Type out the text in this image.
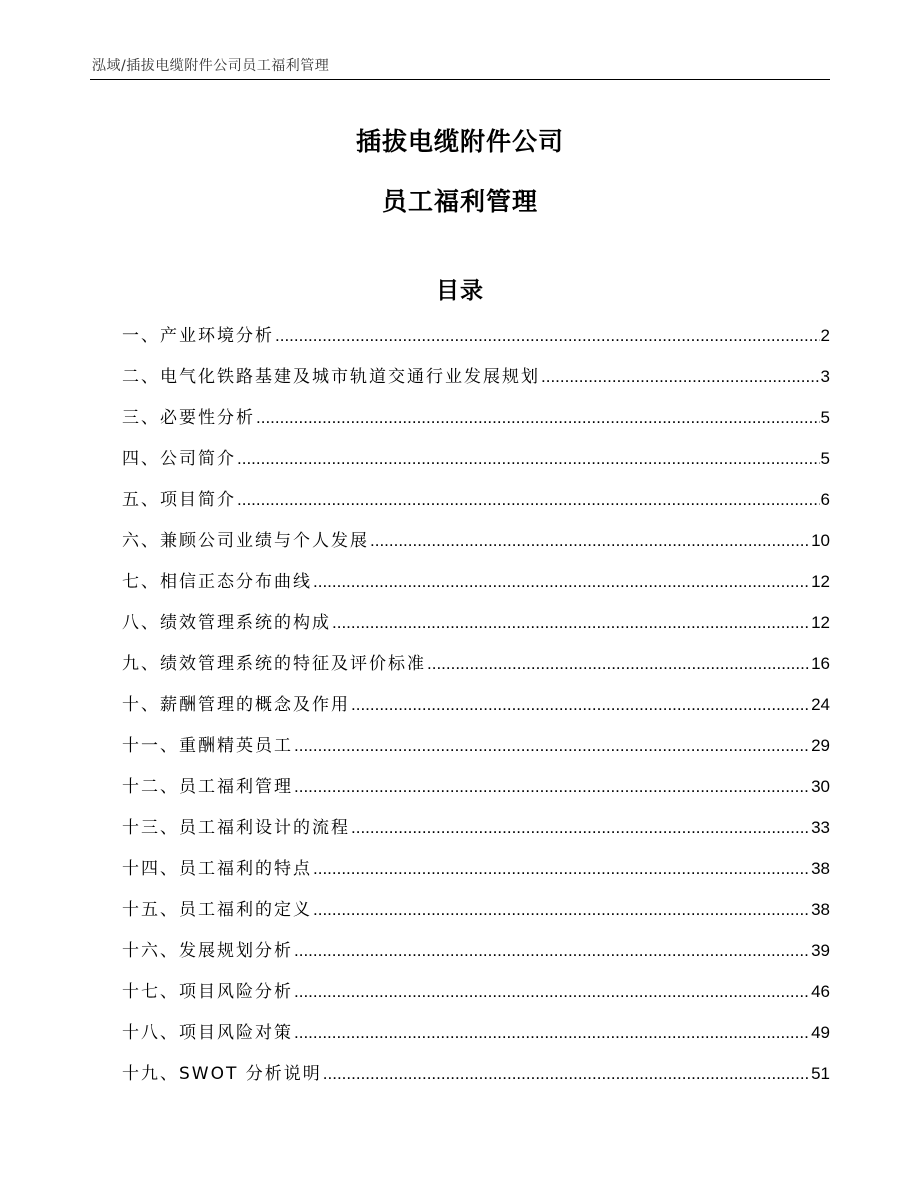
泓域/插拔电缆附件公司员工福利管理
插拔电缆附件公司
员工福利管理
目录
一、 产业环境分析 .....	2
二、 电气化铁路基建及城市轨道交通行业发展规划 .....	3
三、 必要性分析 .....	5
四、 公司简介 .....	5
五、 项目简介 .....	6
六、 兼顾公司业绩与个人发展 .....	10
七、 相信正态分布曲线 .....	12
八、 绩效管理系统的构成 .....	12
九、 绩效管理系统的特征及评价标准 .....	16
十、 薪酬管理的概念及作用 .....	24
十一、 重酬精英员工 .....	29
十二、 员工福利管理 .....	30
十三、 员工福利设计的流程 .....	33
十四、 员工福利的特点 .....	38
十五、 员工福利的定义 .....	38
十六、 发展规划分析 .....	39
十七、 项目风险分析 .....	46
十八、 项目风险对策 .....	49
十九、 SWOT 分析说明 .....	51
